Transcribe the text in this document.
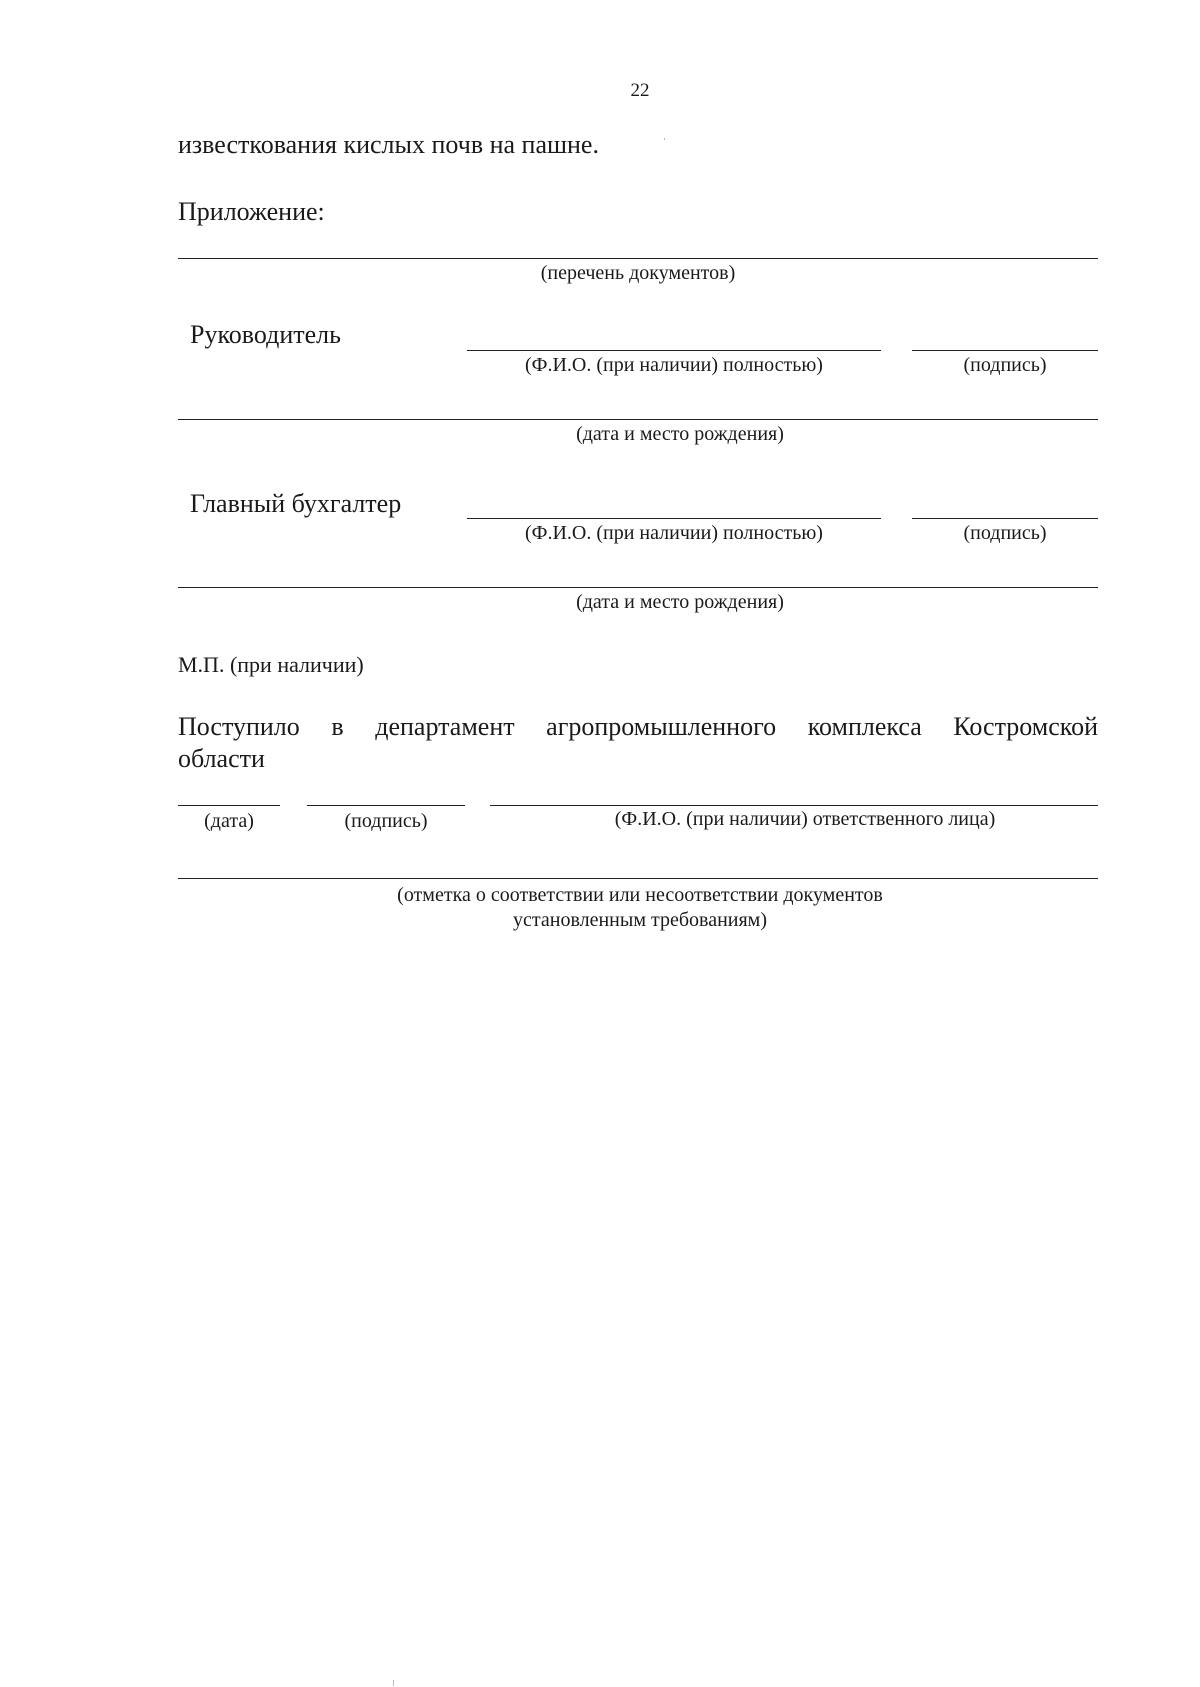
22
известкования кислых почв на пашне.
Приложение:
(перечень документов)
Руководитель
(Ф.И.О. (при наличии) полностью)	(подпись)
(дата и место рождения)
Главный бухгалтер
(Ф.И.О. (при наличии) полностью)	(подпись)
(дата и место рождения)
М.П. (при наличии)
Поступило в департамент агропромышленного комплекса Костромской
области
(дата)	(подпись)	(Ф.И.О. (при наличии) ответственного лица)
(отметка о соответствии или несоответствии документов
установленным требованиям)
